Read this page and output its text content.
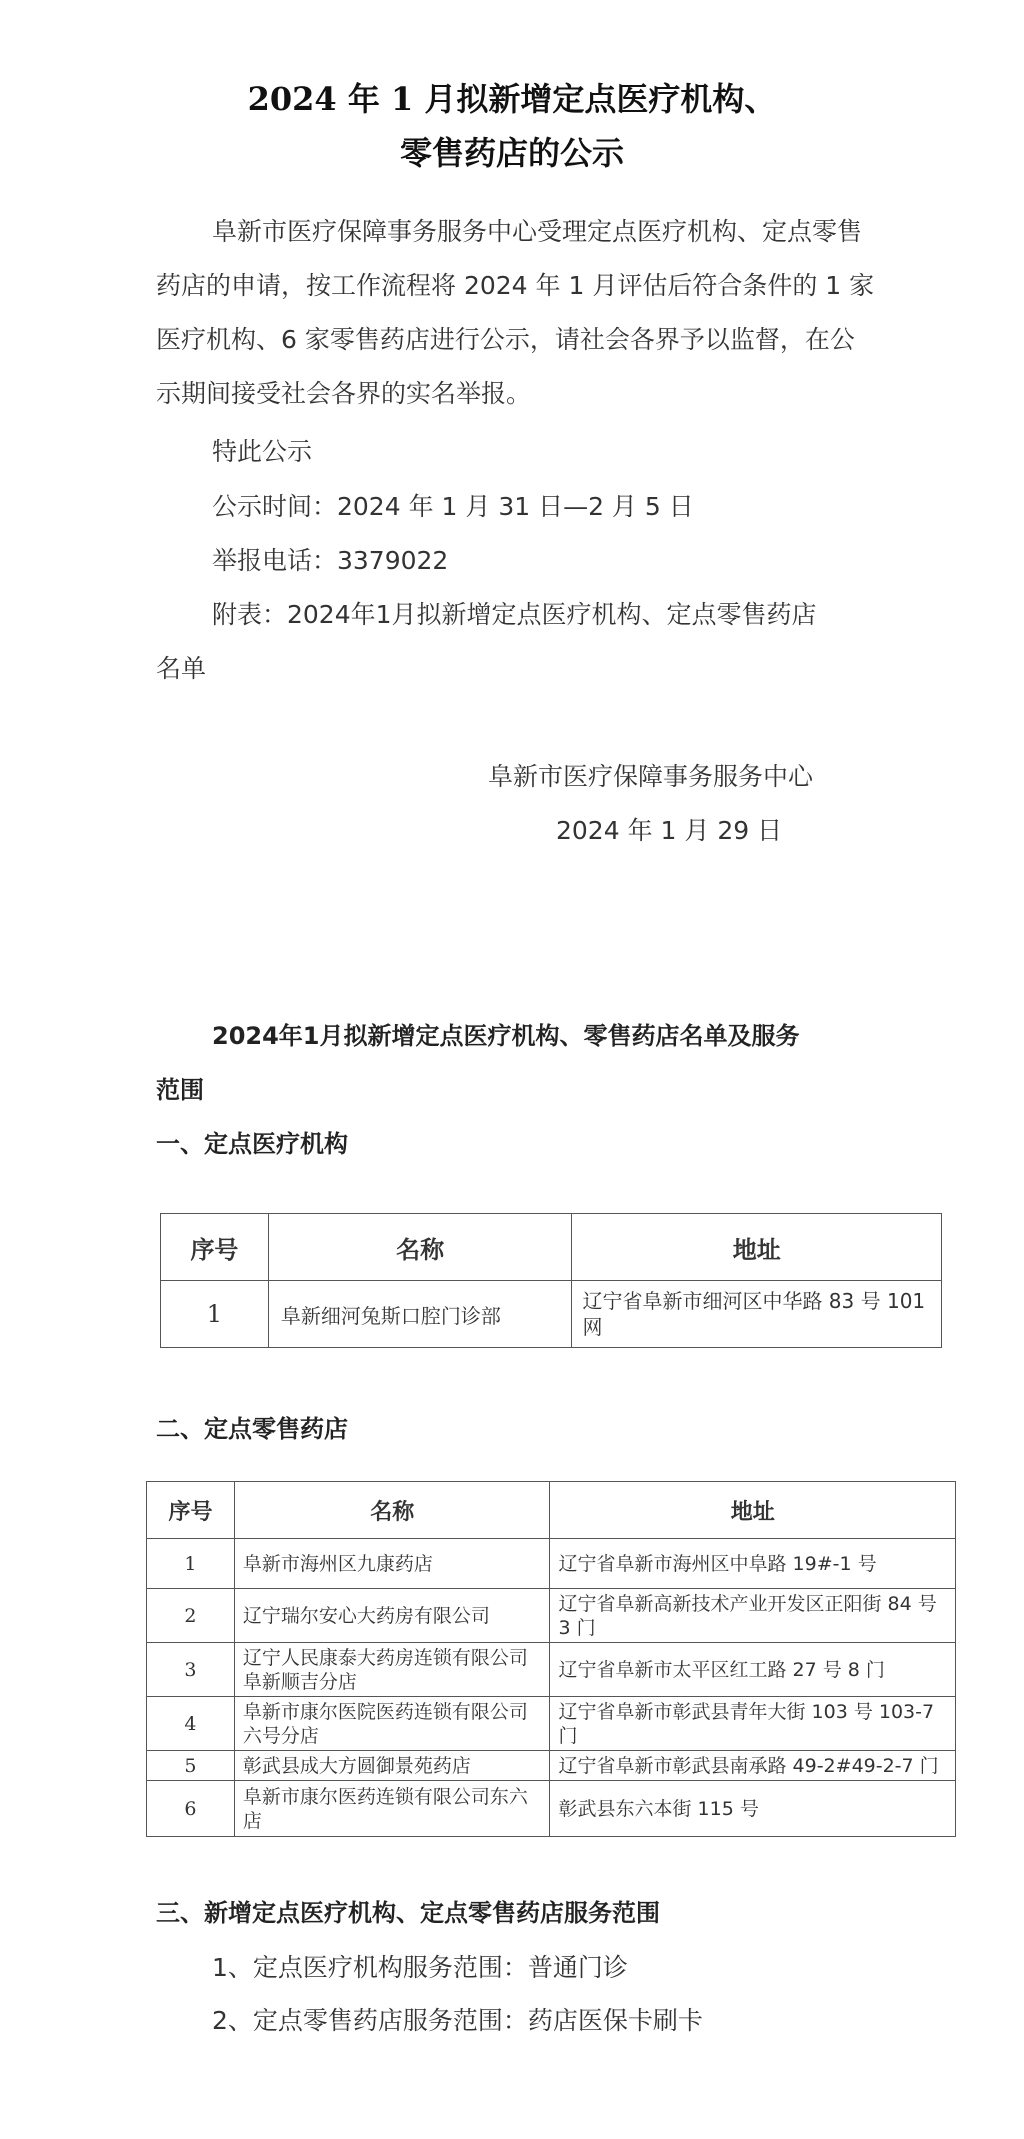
2024 年 1 月拟新增定点医疗机构、
零售药店的公示

阜新市医疗保障事务服务中心受理定点医疗机构、定点零售药店的申请，按工作流程将 2024 年 1 月评估后符合条件的 1 家医疗机构、6 家零售药店进行公示，请社会各界予以监督，在公示期间接受社会各界的实名举报。

特此公示
公示时间：2024 年 1 月 31 日—2 月 5 日
举报电话：3379022
附表：2024年1月拟新增定点医疗机构、定点零售药店
名单
阜新市医疗保障事务服务中心
2024 年 1 月 29 日
2024年1月拟新增定点医疗机构、零售药店名单及服务
范围
一、定点医疗机构
序号	名称	地址
1	阜新细河兔斯口腔门诊部	辽宁省阜新市细河区中华路 83 号 101 网
二、定点零售药店
序号	名称	地址
1	阜新市海州区九康药店	辽宁省阜新市海州区中阜路 19#-1 号
2	辽宁瑞尔安心大药房有限公司	辽宁省阜新高新技术产业开发区正阳街 84 号 3 门
3	辽宁人民康泰大药房连锁有限公司阜新顺吉分店	辽宁省阜新市太平区红工路 27 号 8 门
4	阜新市康尔医院医药连锁有限公司六号分店	辽宁省阜新市彰武县青年大街 103 号 103-7 门
5	彰武县成大方圆御景苑药店	辽宁省阜新市彰武县南承路 49-2#49-2-7 门
6	阜新市康尔医药连锁有限公司东六店	彰武县东六本街 115 号
三、新增定点医疗机构、定点零售药店服务范围
1、定点医疗机构服务范围：普通门诊
2、定点零售药店服务范围：药店医保卡刷卡
